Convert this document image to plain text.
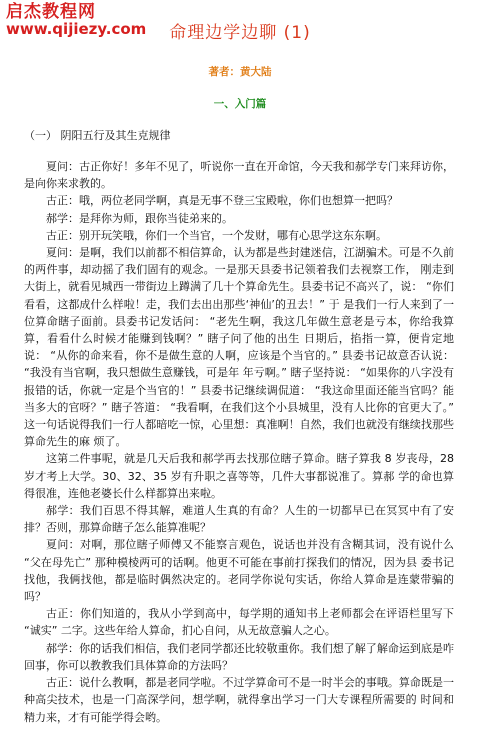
启杰教程网
www.qijiezy.com	命理边学边聊 (1)
著者：黄大陆
一、入门篇
（一） 阴阳五行及其生克规律

夏问：古正你好！多年不见了，听说你一直在开命馆，今天我和郝学专门来拜访你，是向你来求教的。

古正：哦，两位老同学啊，真是无事不登三宝殿啦，你们也想算一把吗？

郝学：是拜你为师，跟你当徒弟来的。

古正：别开玩笑哦，你们一个当官，一个发财，哪有心思学这东东啊。

夏问：是啊，我们以前都不相信算命，认为都是些封建迷信，江湖骗术。可是不久前的两件事，却动摇了我们固有的观念。一是那天县委书记领着我们去视察工作， 刚走到大街上，就看见城西一带街边上蹲满了几十个算命先生。县委书记不高兴了，说： “你们看看，这都成什么样啦！走，我们去出出那些‘神仙’的丑去！” 于 是我们一行人来到了一位算命瞎子面前。县委书记发话问： “老先生啊，我这几年做生意老是亏本，你给我算算，看看什么时候才能赚到钱啊？” 瞎子问了他的出生 日期后，掐指一算，便肯定地说： “从你的命来看，你不是做生意的人啊，应该是个当官的。” 县委书记故意否认说： “我没有当官啊，我只想做生意赚钱，可是年 年亏啊。” 瞎子坚持说： “如果你的八字没有报错的话，你就一定是个当官的！” 县委书记继续调侃道： “我这命里面还能当官吗？能当多大的官呀？” 瞎子答道： “我看啊，在我们这个小县城里，没有人比你的官更大了。” 这一句话说得我们一行人都暗吃一惊，心里想：真准啊！自然，我们也就没有继续找那些算命先生的麻 烦了。

这第二件事呢，就是几天后我和郝学再去找那位瞎子算命。瞎子算我 8 岁丧母，28 岁才考上大学。30、32、35 岁有升职之喜等等，几件大事都说准了。算郝 学的命也算得很准，连他老婆长什么样都算出来啦。

郝学：我们百思不得其解，难道人生真的有命？人生的一切都早已在冥冥中有了安排？否则，那算命瞎子怎么能算准呢？

夏问：对啊，那位瞎子师傅又不能察言观色，说话也并没有含糊其词，没有说什么 “父在母先亡” 那种模棱两可的话啊。他更不可能在事前打探我们的情况，因为县 委书记找他，我俩找他，都是临时偶然决定的。老同学你说句实话，你给人算命是连蒙带骗的吗？

古正：你们知道的，我从小学到高中，每学期的通知书上老师都会在评语栏里写下 “诚实” 二字。这些年给人算命，扪心自问，从无故意骗人之心。

郝学：你的话我们相信，我们老同学都还比较敬重你。我们想了解了解命运到底是咋回事，你可以教教我们具体算命的方法吗？

古正：说什么教啊，都是老同学啦。不过学算命可不是一时半会的事哦。算命既是一种高尖技术，也是一门高深学问，想学啊，就得拿出学习一门大专课程所需要的 时间和精力来，才有可能学得会哟。
